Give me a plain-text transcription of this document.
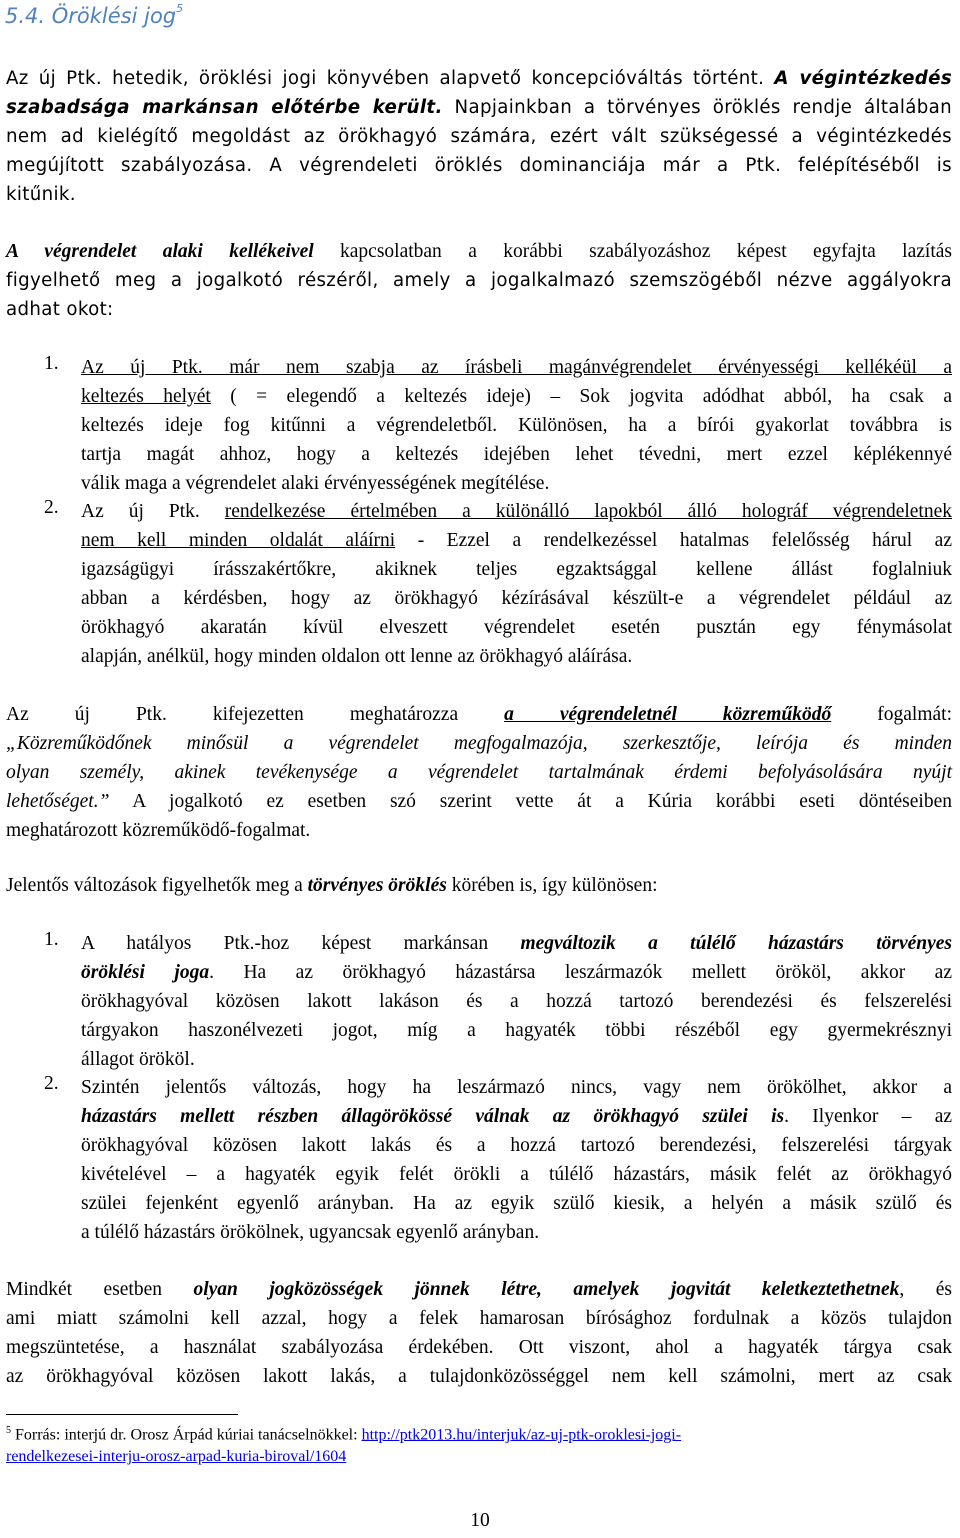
5.4. Öröklési jog$^5$
Az új Ptk. hetedik, öröklési jogi könyvében alapvető koncepcióváltás történt. A végintézkedés
szabadsága markánsan előtérbe került. Napjainkban a törvényes öröklés rendje általában
nem ad kielégítő megoldást az örökhagyó számára, ezért vált szükségessé a végintézkedés
megújított szabályozása. A végrendeleti öröklés dominanciája már a Ptk. felépítéséből is
kitűnik.
A végrendelet alaki kellékeivel kapcsolatban a korábbi szabályozáshoz képest egyfajta lazítás
figyelhető meg a jogalkotó részéről, amely a jogalkalmazó szemszögéből nézve aggályokra
adhat okot:
1. Az új Ptk. már nem szabja az írásbeli magánvégrendelet érvényességi kellékéül a
keltezés helyét ( = elegendő a keltezés ideje) – Sok jogvita adódhat abból, ha csak a
keltezés ideje fog kitűnni a végrendeletből. Különösen, ha a bírói gyakorlat továbbra is
tartja magát ahhoz, hogy a keltezés idejében lehet tévedni, mert ezzel képlékennyé
válik maga a végrendelet alaki érvényességének megítélése.
2. Az új Ptk. rendelkezése értelmében a különálló lapokból álló holográf végrendeletnek
nem kell minden oldalát aláírni - Ezzel a rendelkezéssel hatalmas felelősség hárul az
igazságügyi írásszakértőkre, akiknek teljes egzaktsággal kellene állást foglalniuk
abban a kérdésben, hogy az örökhagyó kézírásával készült-e a végrendelet például az
örökhagyó akaratán kívül elveszett végrendelet esetén pusztán egy fénymásolat
alapján, anélkül, hogy minden oldalon ott lenne az örökhagyó aláírása.
Az új Ptk. kifejezetten meghatározza a végrendeletnél közreműködő fogalmát:
„Közreműködőnek minősül a végrendelet megfogalmazója, szerkesztője, leírója és minden
olyan személy, akinek tevékenysége a végrendelet tartalmának érdemi befolyásolására nyújt
lehetőséget.” A jogalkotó ez esetben szó szerint vette át a Kúria korábbi eseti döntéseiben
meghatározott közreműködő-fogalmat.
Jelentős változások figyelhetők meg a törvényes öröklés körében is, így különösen:
1. A hatályos Ptk.-hoz képest markánsan megváltozik a túlélő házastárs törvényes
öröklési joga. Ha az örökhagyó házastársa leszármazók mellett örököl, akkor az
örökhagyóval közösen lakott lakáson és a hozzá tartozó berendezési és felszerelési
tárgyakon haszonélvezeti jogot, míg a hagyaték többi részéből egy gyermekrésznyi
állagot örököl.
2. Szintén jelentős változás, hogy ha leszármazó nincs, vagy nem örökölhet, akkor a
házastárs mellett részben állagörökössé válnak az örökhagyó szülei is. Ilyenkor – az
örökhagyóval közösen lakott lakás és a hozzá tartozó berendezési, felszerelési tárgyak
kivételével – a hagyaték egyik felét örökli a túlélő házastárs, másik felét az örökhagyó
szülei fejenként egyenlő arányban. Ha az egyik szülő kiesik, a helyén a másik szülő és
a túlélő házastárs örökölnek, ugyancsak egyenlő arányban.
Mindkét esetben olyan jogközösségek jönnek létre, amelyek jogvitát keletkeztethetnek, és
ami miatt számolni kell azzal, hogy a felek hamarosan bírósághoz fordulnak a közös tulajdon
megszüntetése, a használat szabályozása érdekében. Ott viszont, ahol a hagyaték tárgya csak
az örökhagyóval közösen lakott lakás, a tulajdonközösséggel nem kell számolni, mert az csak
$^5$ Forrás: interjú dr. Orosz Árpád kúriai tanácselnökkel: http://ptk2013.hu/interjuk/az-uj-ptk-oroklesi-jogi-
rendelkezesei-interju-orosz-arpad-kuria-biroval/1604
10
